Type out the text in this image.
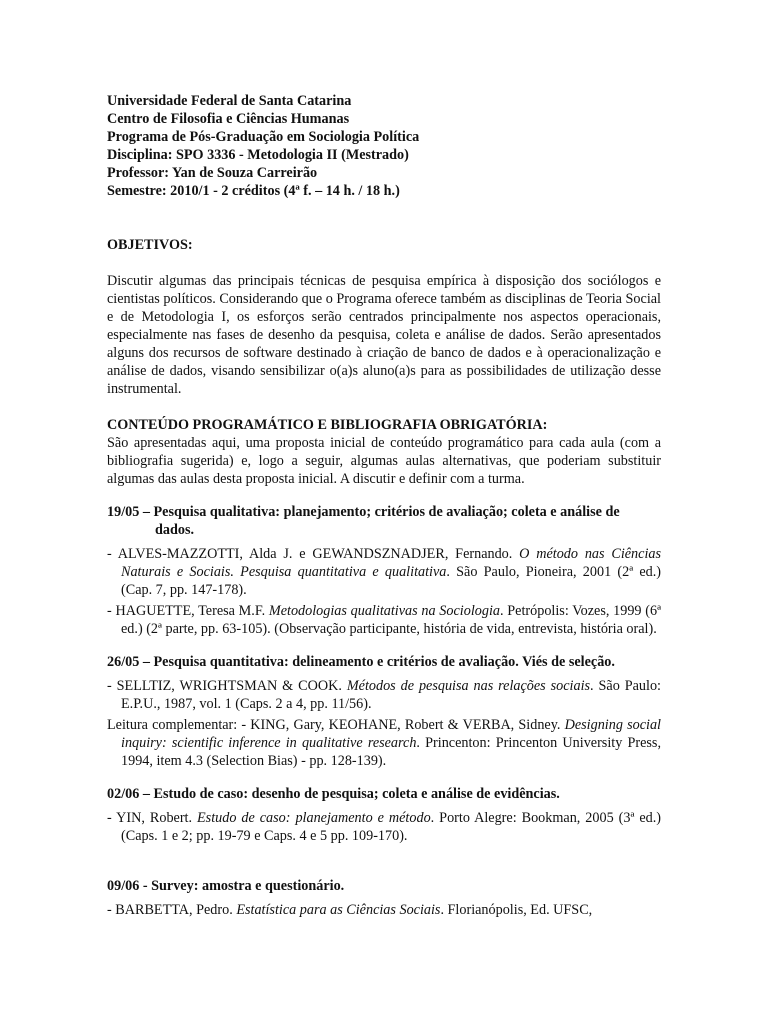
Universidade Federal de Santa Catarina
Centro de Filosofia e Ciências Humanas
Programa de Pós-Graduação em Sociologia Política
Disciplina: SPO 3336 - Metodologia II (Mestrado)
Professor: Yan de Souza Carreirão
Semestre: 2010/1 - 2 créditos (4ª f. – 14 h. / 18 h.)

OBJETIVOS:

Discutir algumas das principais técnicas de pesquisa empírica à disposição dos sociólogos e cientistas políticos. Considerando que o Programa oferece também as disciplinas de Teoria Social e de Metodologia I, os esforços serão centrados principalmente nos aspectos operacionais, especialmente nas fases de desenho da pesquisa, coleta e análise de dados. Serão apresentados alguns dos recursos de software destinado à criação de banco de dados e à operacionalização e análise de dados, visando sensibilizar o(a)s aluno(a)s para as possibilidades de utilização desse instrumental.

CONTEÚDO PROGRAMÁTICO E BIBLIOGRAFIA OBRIGATÓRIA:

São apresentadas aqui, uma proposta inicial de conteúdo programático para cada aula (com a bibliografia sugerida) e, logo a seguir, algumas aulas alternativas, que poderiam substituir algumas das aulas desta proposta inicial. A discutir e definir com a turma.

19/05 – Pesquisa qualitativa: planejamento; critérios de avaliação; coleta e análise de
dados.

- ALVES-MAZZOTTI, Alda J. e GEWANDSZNADJER, Fernando. O método nas Ciências Naturais e Sociais. Pesquisa quantitativa e qualitativa. São Paulo, Pioneira, 2001 (2ª ed.) (Cap. 7, pp. 147-178).

- HAGUETTE, Teresa M.F. Metodologias qualitativas na Sociologia. Petrópolis: Vozes, 1999 (6ª ed.) (2ª parte, pp. 63-105). (Observação participante, história de vida, entrevista, história oral).

26/05 – Pesquisa quantitativa: delineamento e critérios de avaliação. Viés de seleção.

- SELLTIZ, WRIGHTSMAN & COOK. Métodos de pesquisa nas relações sociais. São Paulo: E.P.U., 1987, vol. 1 (Caps. 2 a 4, pp. 11/56).

Leitura complementar: - KING, Gary, KEOHANE, Robert & VERBA, Sidney. Designing social inquiry: scientific inference in qualitative research. Princenton: Princenton University Press, 1994, item 4.3 (Selection Bias) - pp. 128-139).

02/06 – Estudo de caso: desenho de pesquisa; coleta e análise de evidências.

- YIN, Robert. Estudo de caso: planejamento e método. Porto Alegre: Bookman, 2005 (3ª ed.) (Caps. 1 e 2; pp. 19-79 e Caps. 4 e 5 pp. 109-170).

09/06 - Survey: amostra e questionário.

- BARBETTA, Pedro. Estatística para as Ciências Sociais. Florianópolis, Ed. UFSC,
